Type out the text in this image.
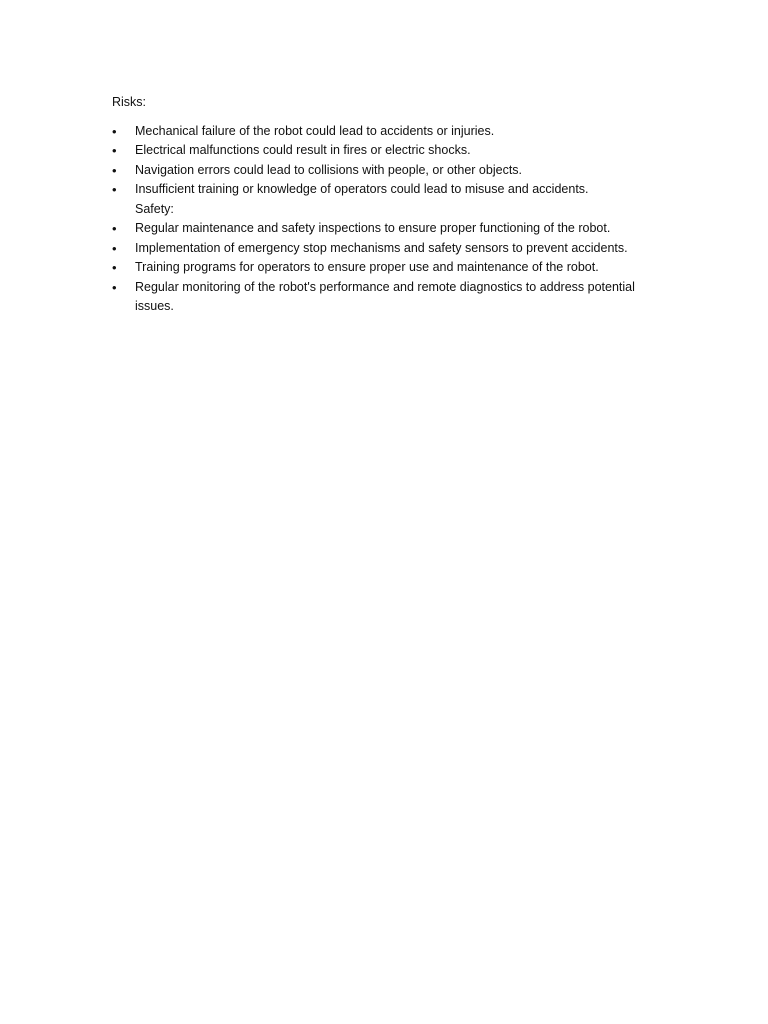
Risks:
• Mechanical failure of the robot could lead to accidents or injuries.
• Electrical malfunctions could result in fires or electric shocks.
• Navigation errors could lead to collisions with people, or other objects.
• Insufficient training or knowledge of operators could lead to misuse and accidents.
Safety:
• Regular maintenance and safety inspections to ensure proper functioning of the robot.
• Implementation of emergency stop mechanisms and safety sensors to prevent accidents.
• Training programs for operators to ensure proper use and maintenance of the robot.
• Regular monitoring of the robot's performance and remote diagnostics to address potential issues.
